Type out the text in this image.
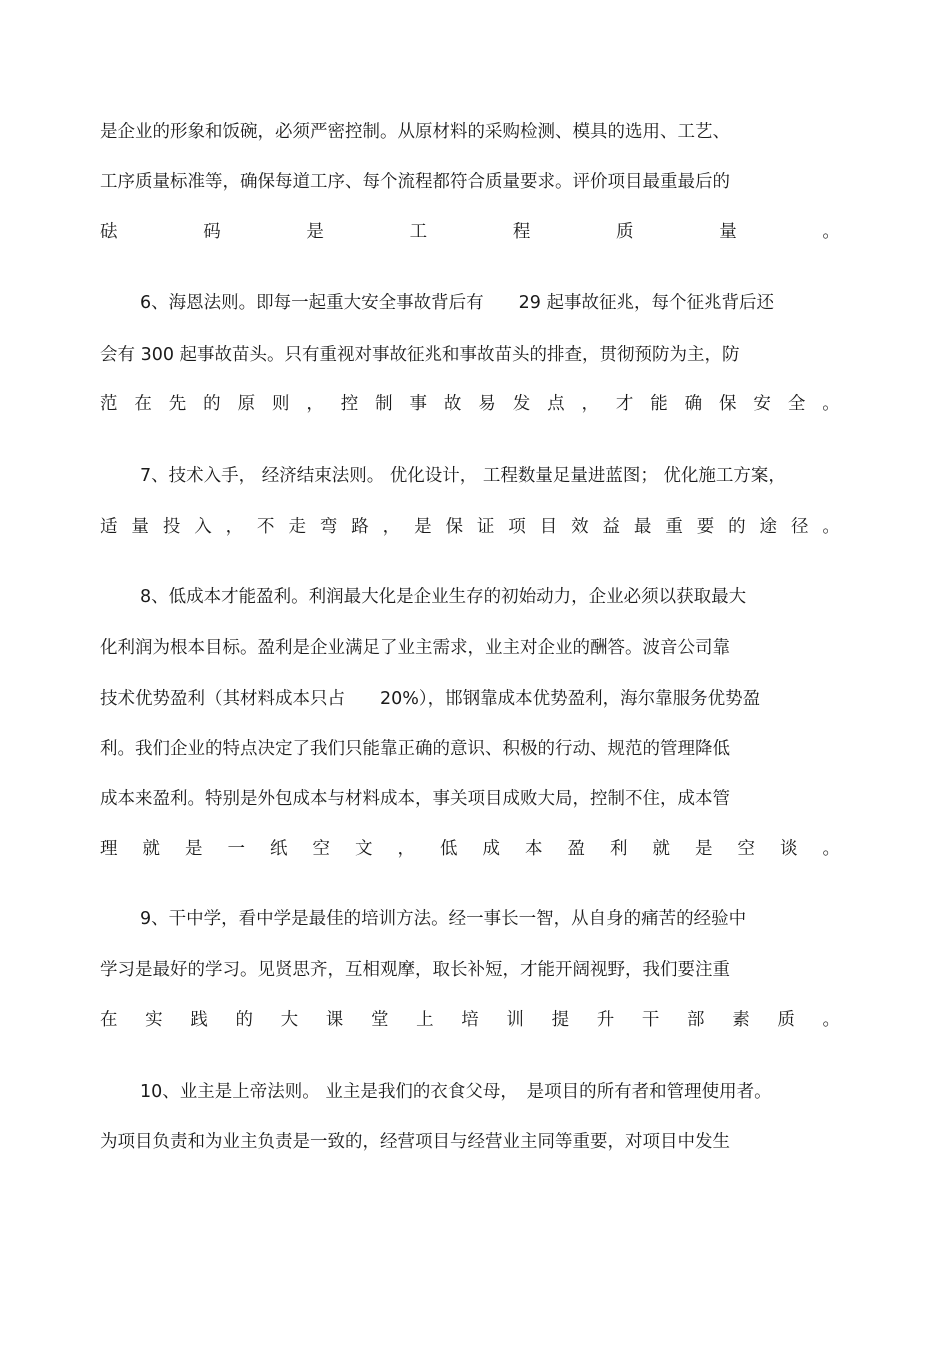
是企业的形象和饭碗，必须严密控制。从原材料的采购检测、模具的选用、工艺、
工序质量标准等，确保每道工序、每个流程都符合质量要求。评价项目最重最后的
砝	码	是	工	程	质	量	。
6、海恩法则。即每一起重大安全事故背后有　　29 起事故征兆，每个征兆背后还
会有 300 起事故苗头。只有重视对事故征兆和事故苗头的排查，贯彻预防为主，防
范 在 先 的 原 则 ， 控 制 事 故 易 发 点 ， 才 能 确 保 安 全 。
7、技术入手， 经济结束法则。 优化设计， 工程数量足量进蓝图； 优化施工方案，
适 量 投 入 ， 不 走 弯 路 ， 是 保 证 项 目 效 益 最 重 要 的 途 径 。
8、低成本才能盈利。利润最大化是企业生存的初始动力，企业必须以获取最大
化利润为根本目标。盈利是企业满足了业主需求，业主对企业的酬答。波音公司靠
技术优势盈利（其材料成本只占　　20%），邯钢靠成本优势盈利，海尔靠服务优势盈
利。我们企业的特点决定了我们只能靠正确的意识、积极的行动、规范的管理降低
成本来盈利。特别是外包成本与材料成本，事关项目成败大局，控制不住，成本管
理 就 是 一 纸 空 文 ， 低 成 本 盈 利 就 是 空 谈 。
9、干中学，看中学是最佳的培训方法。经一事长一智，从自身的痛苦的经验中
学习是最好的学习。见贤思齐，互相观摩，取长补短，才能开阔视野，我们要注重
在 实 践 的 大 课 堂 上 培 训 提 升 干 部 素 质 。
10、业主是上帝法则。 业主是我们的衣食父母，　是项目的所有者和管理使用者。
为项目负责和为业主负责是一致的，经营项目与经营业主同等重要，对项目中发生
